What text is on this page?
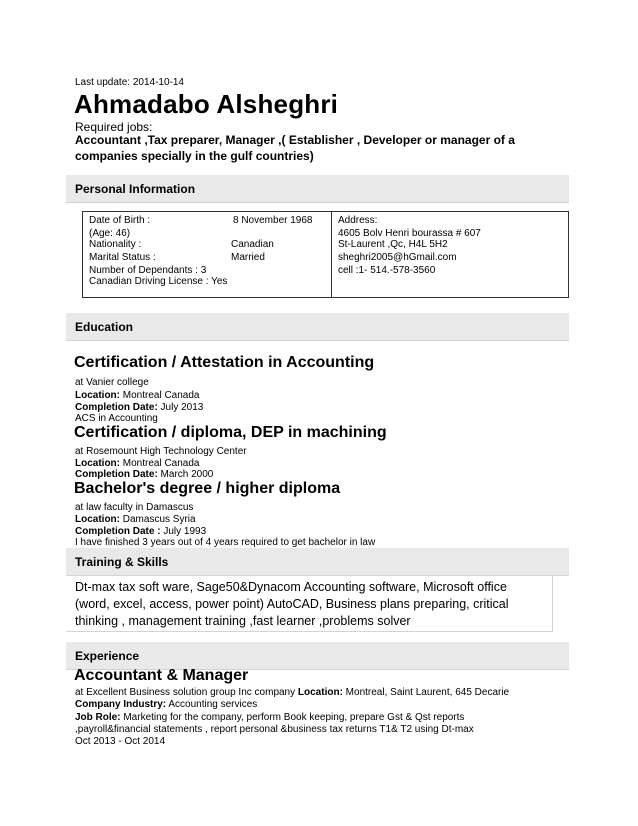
Last update: 2014-10-14
Ahmadabo Alsheghri
Required jobs:
Accountant ,Tax preparer, Manager ,( Establisher , Developer or manager of a companies specially in the gulf countries)
Personal Information
Date of Birth :	8 November 1968
(Age: 46)
Nationality :	Canadian
Marital Status :	Married
Number of Dependants : 3
Canadian Driving License : Yes
Address:
4605 Bolv Henri bourassa # 607
St-Laurent ,Qc, H4L 5H2
sheghri2005@hGmail.com
cell :1- 514.-578-3560
Education
Certification / Attestation in Accounting
at Vanier college
Location: Montreal Canada
Completion Date: July 2013
ACS in Accounting
Certification / diploma, DEP in machining
at Rosemount High Technology Center
Location: Montreal Canada
Completion Date: March 2000
Bachelor's degree / higher diploma
at law faculty in Damascus
Location: Damascus Syria
Completion Date : July 1993
I have finished 3 years out of 4 years required to get bachelor in law
Training & Skills
Dt-max tax soft ware, Sage50&Dynacom Accounting software, Microsoft office (word, excel, access, power point) AutoCAD, Business plans preparing, critical thinking , management training ,fast learner ,problems solver
Experience
Accountant & Manager
at Excellent Business solution group Inc company Location: Montreal, Saint Laurent, 645 Decarie
Company Industry: Accounting services
Job Role: Marketing for the company, perform Book keeping, prepare Gst & Qst reports
,payroll&financial statements , report personal &business tax returns T1& T2 using Dt-max
Oct 2013 - Oct 2014
